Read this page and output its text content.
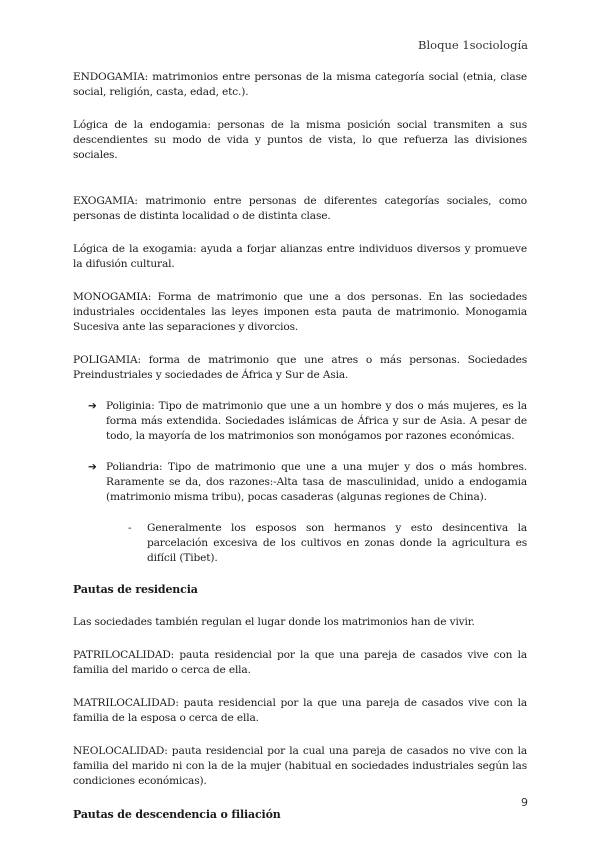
Bloque 1sociología

ENDOGAMIA: matrimonios entre personas de la misma categoría social (etnia, clase social, religión, casta, edad, etc.).

Lógica de la endogamia: personas de la misma posición social transmiten a sus descendientes su modo de vida y puntos de vista, lo que refuerza las divisiones sociales.

EXOGAMIA: matrimonio entre personas de diferentes categorías sociales, como personas de distinta localidad o de distinta clase.

Lógica de la exogamia: ayuda a forjar alianzas entre individuos diversos y promueve la difusión cultural.

MONOGAMIA: Forma de matrimonio que une a dos personas. En las sociedades industriales occidentales las leyes imponen esta pauta de matrimonio. Monogamia Sucesiva ante las separaciones y divorcios.

POLIGAMIA: forma de matrimonio que une atres o más personas. Sociedades Preindustriales y sociedades de África y Sur de Asia.

➔ Poliginia: Tipo de matrimonio que une a un hombre y dos o más mujeres, es la forma más extendida. Sociedades islámicas de África y sur de Asia. A pesar de todo, la mayoría de los matrimonios son monógamos por razones económicas.

➔ Poliandria: Tipo de matrimonio que une a una mujer y dos o más hombres. Raramente se da, dos razones:-Alta tasa de masculinidad, unido a endogamia (matrimonio misma tribu), pocas casaderas (algunas regiones de China).

- Generalmente los esposos son hermanos y esto desincentiva la parcelación excesiva de los cultivos en zonas donde la agricultura es difícil (Tibet).

Pautas de residencia

Las sociedades también regulan el lugar donde los matrimonios han de vivir.

PATRILOCALIDAD: pauta residencial por la que una pareja de casados vive con la familia del marido o cerca de ella.

MATRILOCALIDAD: pauta residencial por la que una pareja de casados vive con la familia de la esposa o cerca de ella.

NEOLOCALIDAD: pauta residencial por la cual una pareja de casados no vive con la familia del marido ni con la de la mujer (habitual en sociedades industriales según las condiciones económicas).

Pautas de descendencia o filiación

9
